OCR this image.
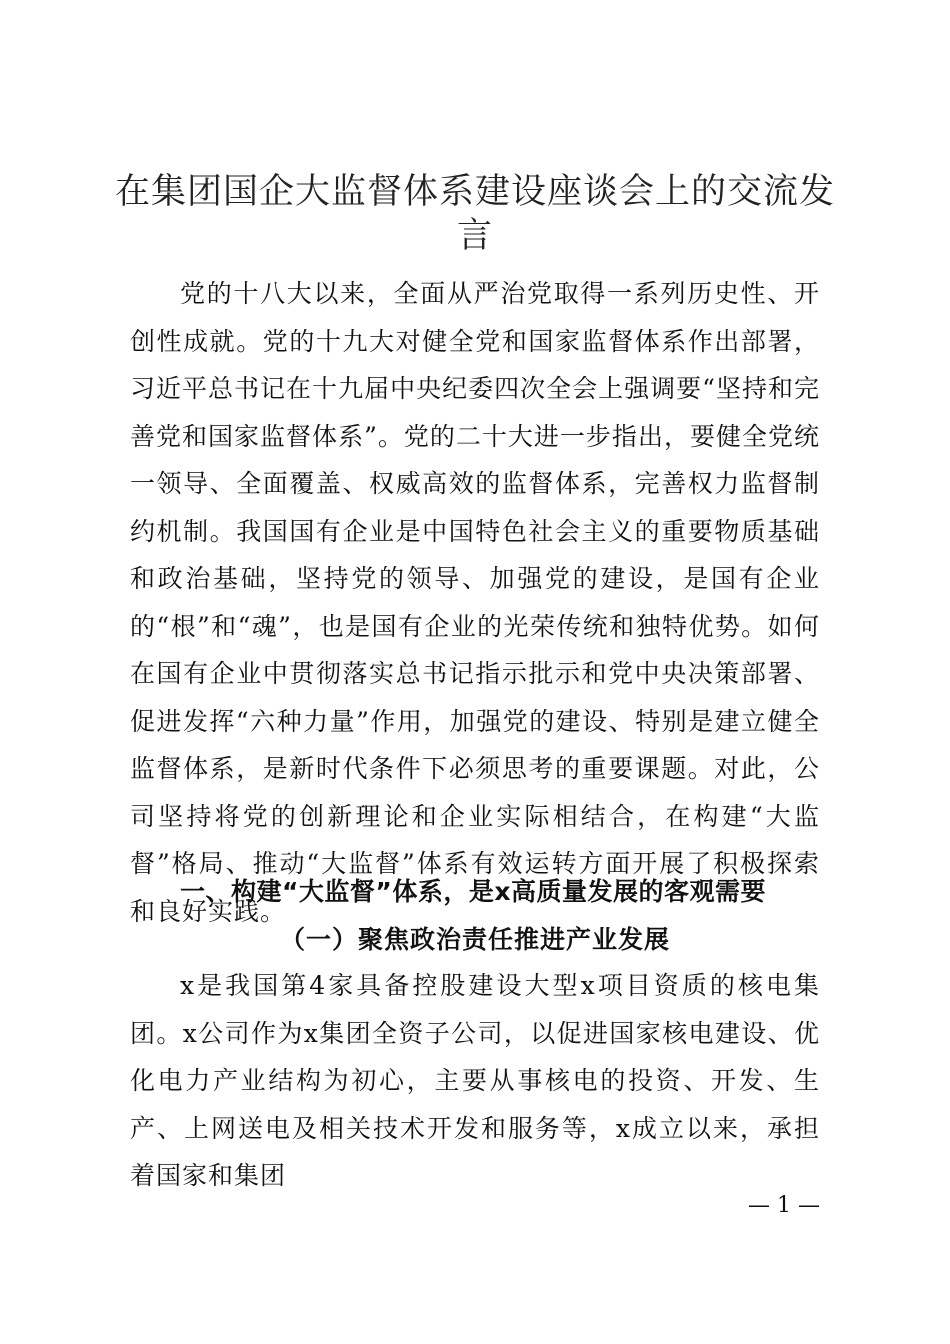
在集团国企大监督体系建设座谈会上的交流发言

党的十八大以来，全面从严治党取得一系列历史性、开创性成就。党的十九大对健全党和国家监督体系作出部署，习近平总书记在十九届中央纪委四次全会上强调要“坚持和完善党和国家监督体系”。党的二十大进一步指出，要健全党统一领导、全面覆盖、权威高效的监督体系，完善权力监督制约机制。我国国有企业是中国特色社会主义的重要物质基础和政治基础，坚持党的领导、加强党的建设，是国有企业的“根”和“魂”，也是国有企业的光荣传统和独特优势。如何在国有企业中贯彻落实总书记指示批示和党中央决策部署、促进发挥“六种力量”作用，加强党的建设、特别是建立健全监督体系，是新时代条件下必须思考的重要课题。对此，公司坚持将党的创新理论和企业实际相结合，在构建“大监督”格局、推动“大监督”体系有效运转方面开展了积极探索和良好实践。

一、构建“大监督”体系，是x高质量发展的客观需要

（一）聚焦政治责任推进产业发展

x是我国第4家具备控股建设大型x项目资质的核电集团。x公司作为x集团全资子公司，以促进国家核电建设、优化电力产业结构为初心，主要从事核电的投资、开发、生产、上网送电及相关技术开发和服务等，x成立以来，承担着国家和集团

— 1 —
